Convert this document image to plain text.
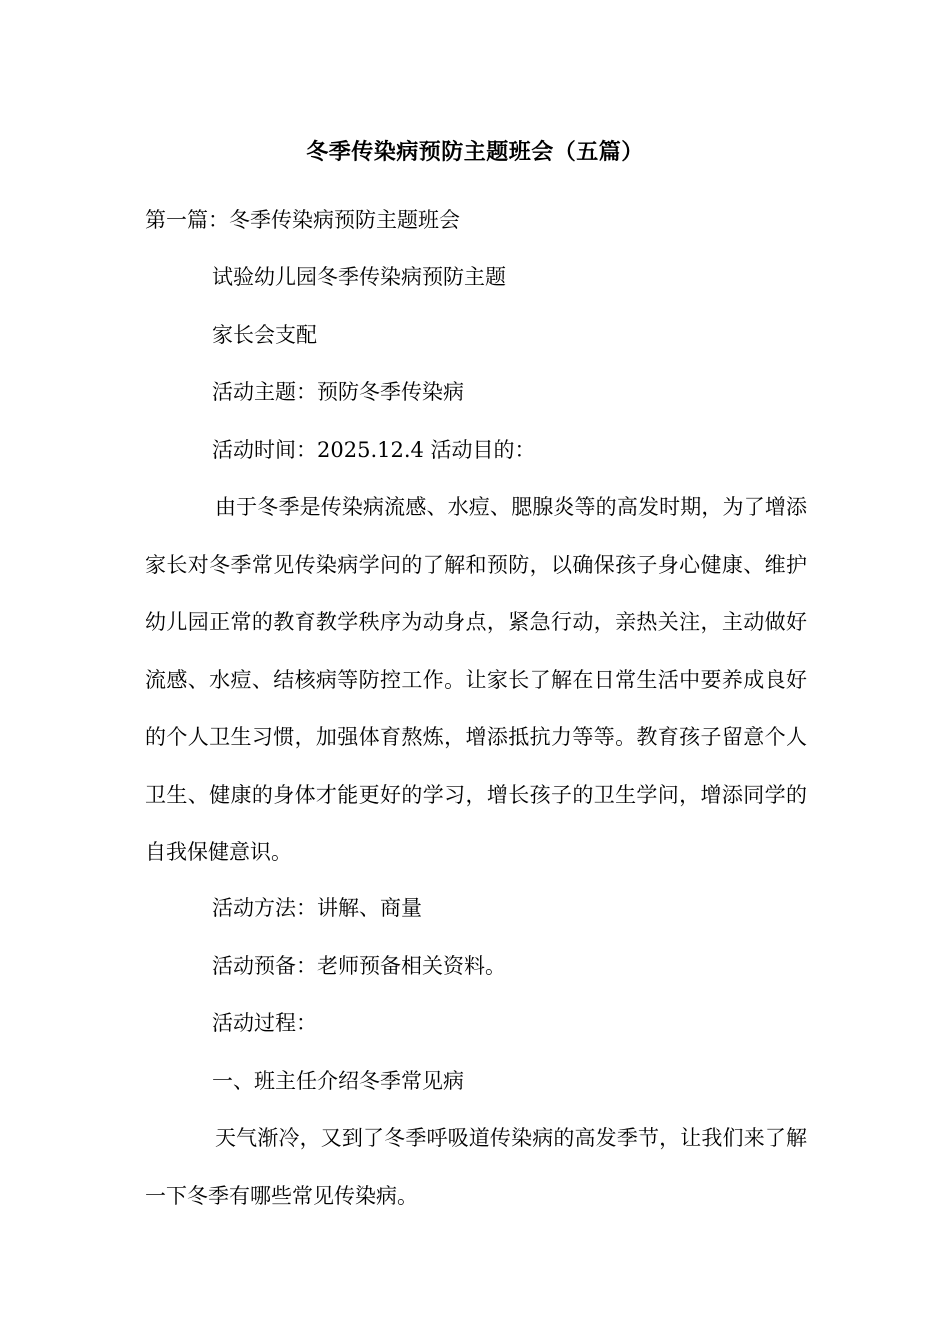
冬季传染病预防主题班会（五篇）
第一篇：冬季传染病预防主题班会
试验幼儿园冬季传染病预防主题
家长会支配
活动主题：预防冬季传染病
活动时间：2025.12.4 活动目的：

由于冬季是传染病流感、水痘、腮腺炎等的高发时期，为了增添家长对冬季常见传染病学问的了解和预防，以确保孩子身心健康、维护幼儿园正常的教育教学秩序为动身点，紧急行动，亲热关注，主动做好流感、水痘、结核病等防控工作。让家长了解在日常生活中要养成良好的个人卫生习惯，加强体育熬炼，增添抵抗力等等。教育孩子留意个人卫生、健康的身体才能更好的学习，增长孩子的卫生学问，增添同学的自我保健意识。

活动方法：讲解、商量
活动预备：老师预备相关资料。
活动过程：
一、班主任介绍冬季常见病

天气渐冷，又到了冬季呼吸道传染病的高发季节，让我们来了解一下冬季有哪些常见传染病。
